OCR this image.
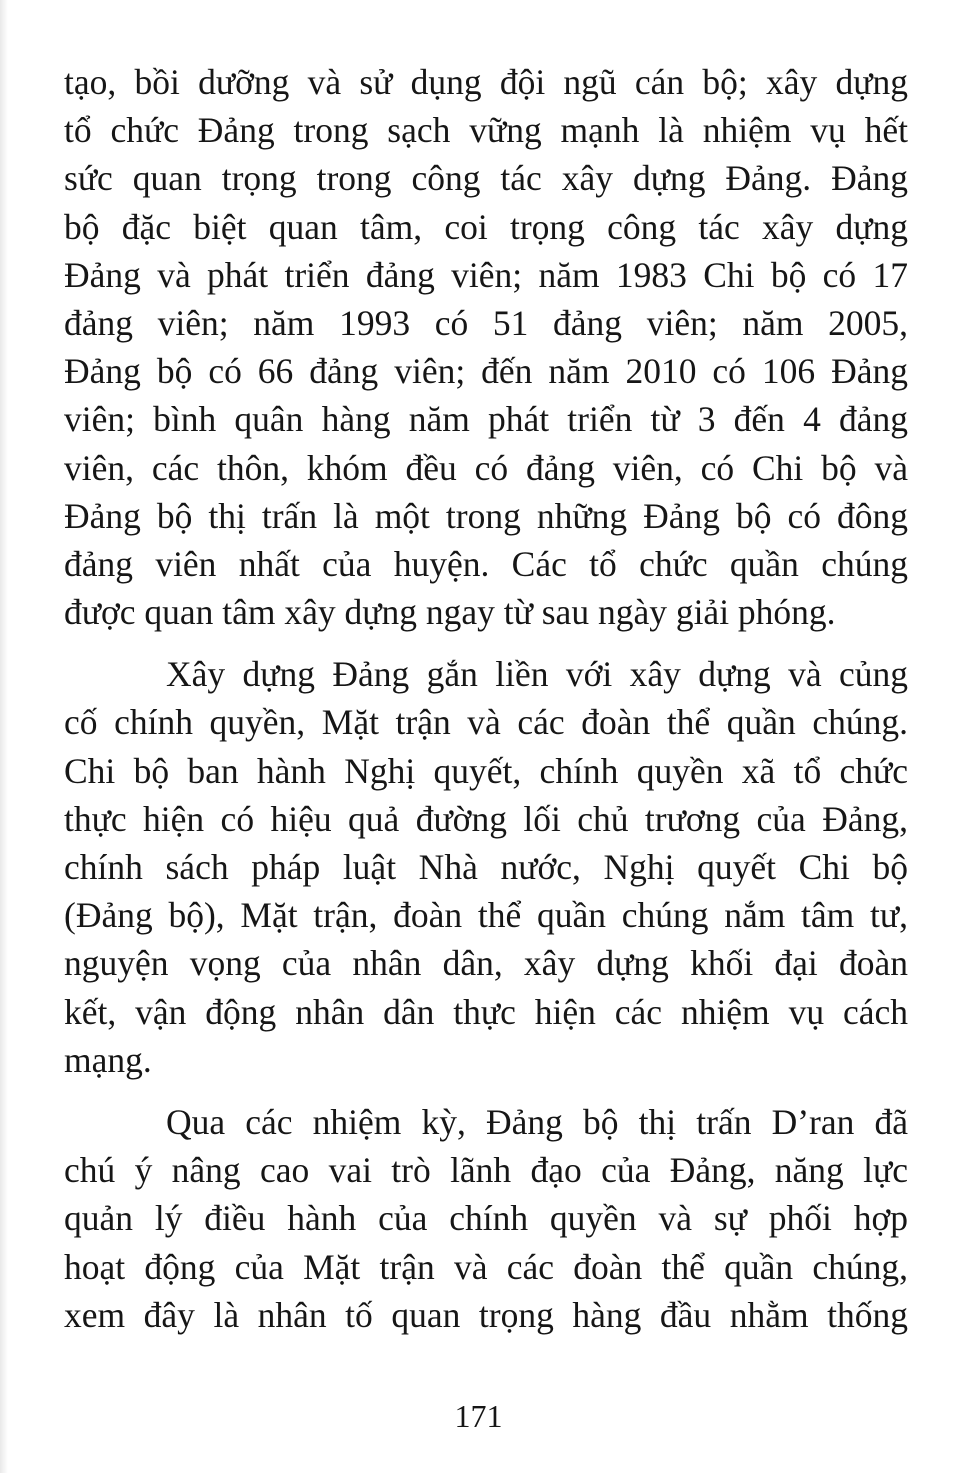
tạo, bồi dưỡng và sử dụng đội ngũ cán bộ; xây dựng
tổ chức Đảng trong sạch vững mạnh là nhiệm vụ hết
sức quan trọng trong công tác xây dựng Đảng. Đảng
bộ đặc biệt quan tâm, coi trọng công tác xây dựng
Đảng và phát triển đảng viên; năm 1983 Chi bộ có 17
đảng viên; năm 1993 có 51 đảng viên; năm 2005,
Đảng bộ có 66 đảng viên; đến năm 2010 có 106 Đảng
viên; bình quân hàng năm phát triển từ 3 đến 4 đảng
viên, các thôn, khóm đều có đảng viên, có Chi bộ và
Đảng bộ thị trấn là một trong những Đảng bộ có đông
đảng viên nhất của huyện. Các tổ chức quần chúng
được quan tâm xây dựng ngay từ sau ngày giải phóng.
Xây dựng Đảng gắn liền với xây dựng và củng
cố chính quyền, Mặt trận và các đoàn thể quần chúng.
Chi bộ ban hành Nghị quyết, chính quyền xã tổ chức
thực hiện có hiệu quả đường lối chủ trương của Đảng,
chính sách pháp luật Nhà nước, Nghị quyết Chi bộ
(Đảng bộ), Mặt trận, đoàn thể quần chúng nắm tâm tư,
nguyện vọng của nhân dân, xây dựng khối đại đoàn
kết, vận động nhân dân thực hiện các nhiệm vụ cách
mạng.
Qua các nhiệm kỳ, Đảng bộ thị trấn D’ran đã
chú ý nâng cao vai trò lãnh đạo của Đảng, năng lực
quản lý điều hành của chính quyền và sự phối hợp
hoạt động của Mặt trận và các đoàn thể quần chúng,
xem đây là nhân tố quan trọng hàng đầu nhằm thống
171
